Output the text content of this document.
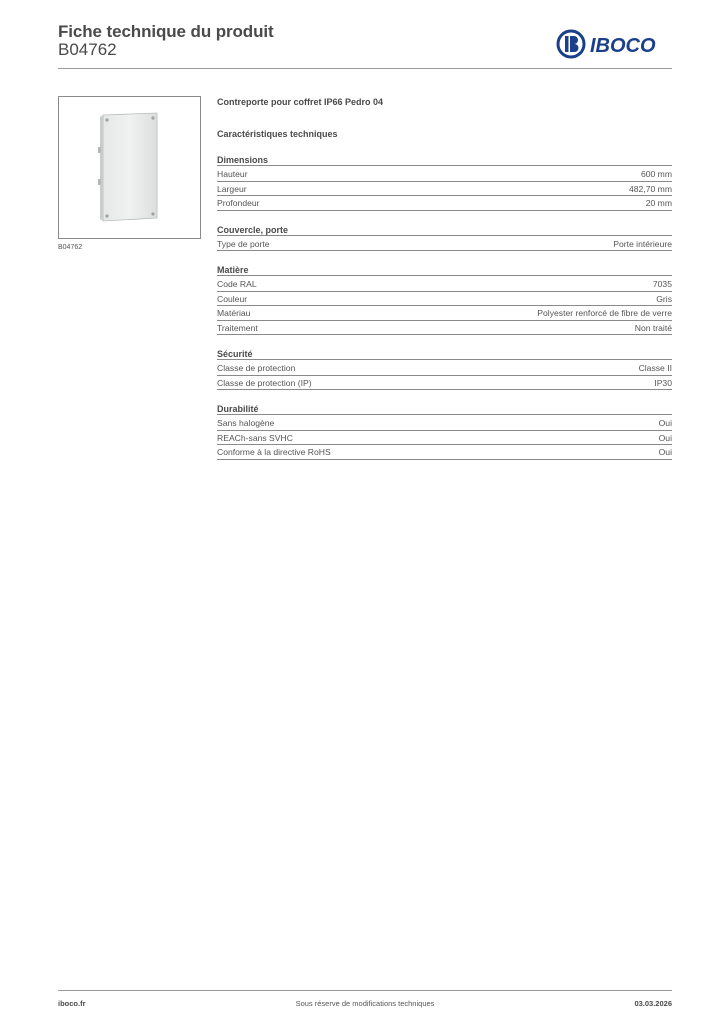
Fiche technique du produit
B04762	IBOCO
B04762
Contreporte pour coffret IP66 Pedro 04
Caractéristiques techniques
Dimensions
Hauteur	600 mm
Largeur	482,70 mm
Profondeur	20 mm
Couvercle, porte
Type de porte	Porte intérieure
Matière
Code RAL	7035
Couleur	Gris
Matériau	Polyester renforcé de fibre de verre
Traitement	Non traité
Sécurité
Classe de protection	Classe II
Classe de protection (IP)	IP30
Durabilité
Sans halogène	Oui
REACh-sans SVHC	Oui
Conforme à la directive RoHS	Oui
iboco.fr	Sous réserve de modifications techniques	03.03.2026
